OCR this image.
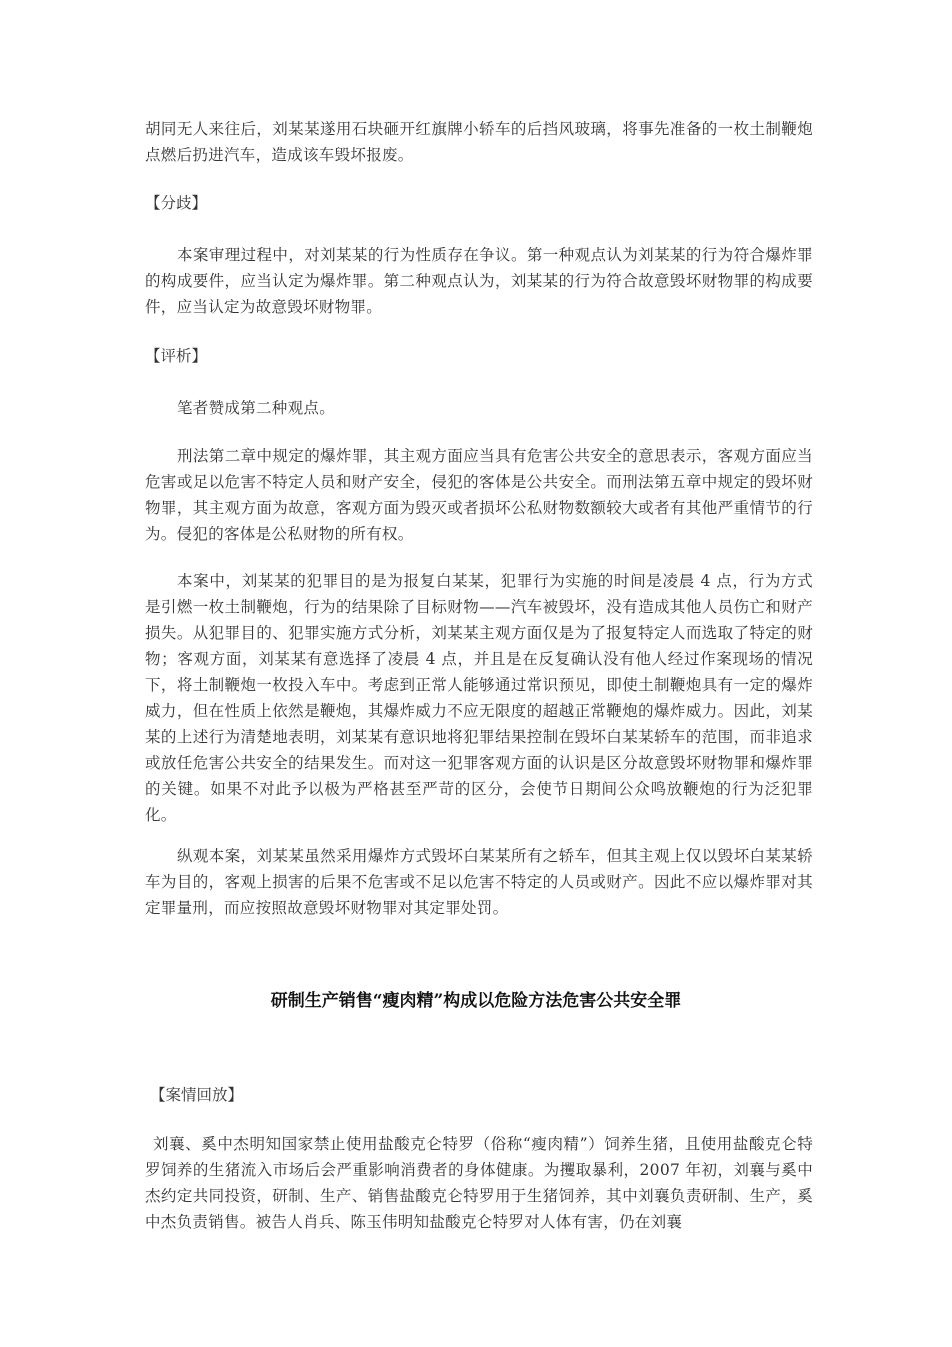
胡同无人来往后，刘某某遂用石块砸开红旗牌小轿车的后挡风玻璃，将事先准备的一枚土制鞭炮点燃后扔进汽车，造成该车毁坏报废。

【分歧】

本案审理过程中，对刘某某的行为性质存在争议。第一种观点认为刘某某的行为符合爆炸罪的构成要件，应当认定为爆炸罪。第二种观点认为，刘某某的行为符合故意毁坏财物罪的构成要件，应当认定为故意毁坏财物罪。

【评析】

笔者赞成第二种观点。

刑法第二章中规定的爆炸罪，其主观方面应当具有危害公共安全的意思表示，客观方面应当危害或足以危害不特定人员和财产安全，侵犯的客体是公共安全。而刑法第五章中规定的毁坏财物罪，其主观方面为故意，客观方面为毁灭或者损坏公私财物数额较大或者有其他严重情节的行为。侵犯的客体是公私财物的所有权。

本案中，刘某某的犯罪目的是为报复白某某，犯罪行为实施的时间是凌晨 4 点，行为方式是引燃一枚土制鞭炮，行为的结果除了目标财物——汽车被毁坏，没有造成其他人员伤亡和财产损失。从犯罪目的、犯罪实施方式分析，刘某某主观方面仅是为了报复特定人而选取了特定的财物；客观方面，刘某某有意选择了凌晨 4 点，并且是在反复确认没有他人经过作案现场的情况下，将土制鞭炮一枚投入车中。考虑到正常人能够通过常识预见，即使土制鞭炮具有一定的爆炸威力，但在性质上依然是鞭炮，其爆炸威力不应无限度的超越正常鞭炮的爆炸威力。因此，刘某某的上述行为清楚地表明，刘某某有意识地将犯罪结果控制在毁坏白某某轿车的范围，而非追求或放任危害公共安全的结果发生。而对这一犯罪客观方面的认识是区分故意毁坏财物罪和爆炸罪的关键。如果不对此予以极为严格甚至严苛的区分，会使节日期间公众鸣放鞭炮的行为泛犯罪化。

纵观本案，刘某某虽然采用爆炸方式毁坏白某某所有之轿车，但其主观上仅以毁坏白某某轿车为目的，客观上损害的后果不危害或不足以危害不特定的人员或财产。因此不应以爆炸罪对其定罪量刑，而应按照故意毁坏财物罪对其定罪处罚。

研制生产销售“瘦肉精”构成以危险方法危害公共安全罪
【案情回放】

刘襄、奚中杰明知国家禁止使用盐酸克仑特罗（俗称“瘦肉精”）饲养生猪，且使用盐酸克仑特罗饲养的生猪流入市场后会严重影响消费者的身体健康。为攫取暴利，2007 年初，刘襄与奚中杰约定共同投资，研制、生产、销售盐酸克仑特罗用于生猪饲养，其中刘襄负责研制、生产，奚中杰负责销售。被告人肖兵、陈玉伟明知盐酸克仑特罗对人体有害，仍在刘襄
